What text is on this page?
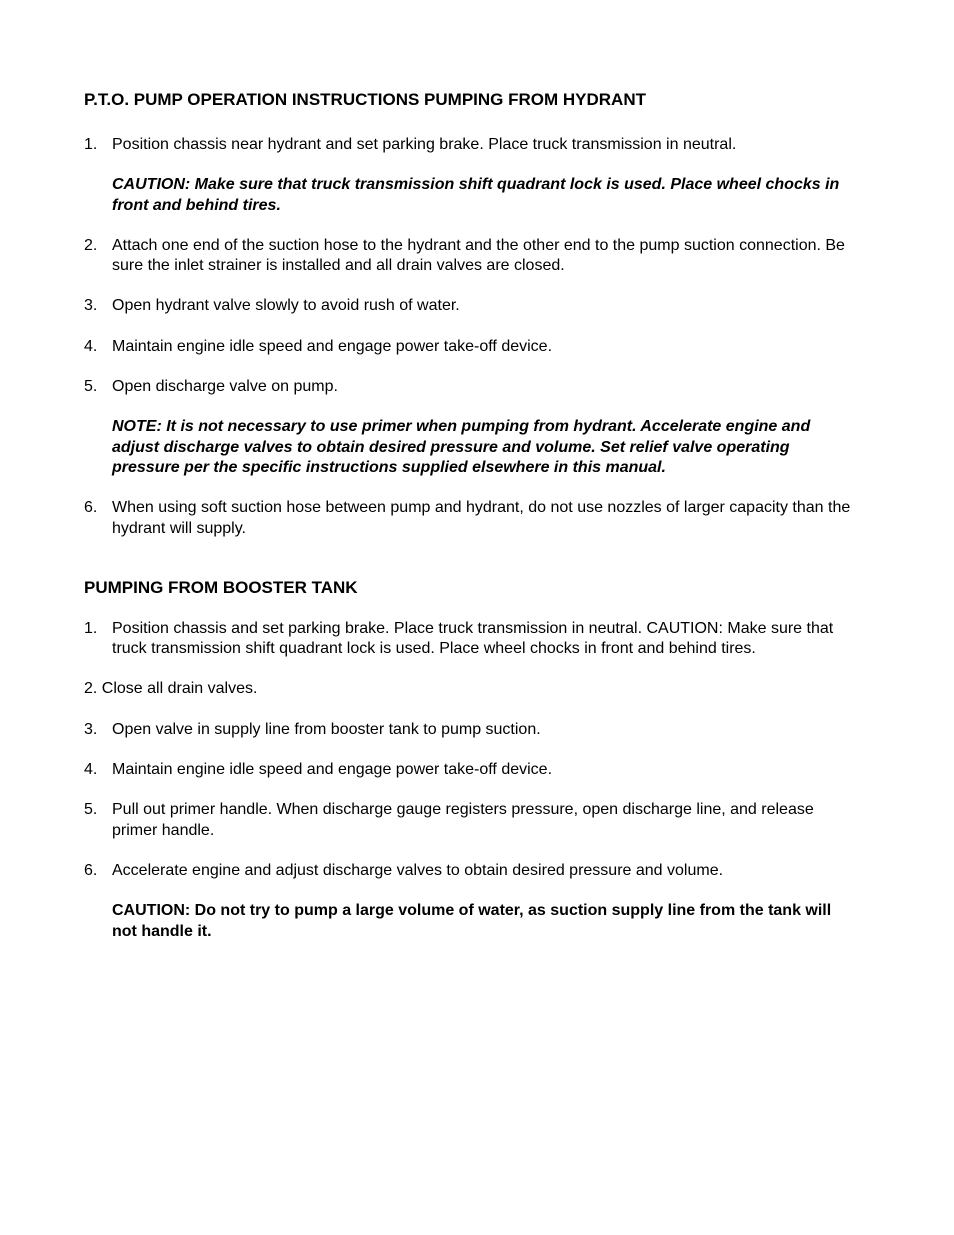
P.T.O. PUMP OPERATION INSTRUCTIONS PUMPING FROM HYDRANT
1. Position chassis near hydrant and set parking brake. Place truck transmission in neutral.
CAUTION: Make sure that truck transmission shift quadrant lock is used. Place wheel chocks in front and behind tires.
2. Attach one end of the suction hose to the hydrant and the other end to the pump suction connection. Be sure the inlet strainer is installed and all drain valves are closed.
3. Open hydrant valve slowly to avoid rush of water.
4. Maintain engine idle speed and engage power take-off device.
5. Open discharge valve on pump.
NOTE: It is not necessary to use primer when pumping from hydrant. Accelerate engine and adjust discharge valves to obtain desired pressure and volume. Set relief valve operating pressure per the specific instructions supplied elsewhere in this manual.
6. When using soft suction hose between pump and hydrant, do not use nozzles of larger capacity than the hydrant will supply.
PUMPING FROM BOOSTER TANK
1. Position chassis and set parking brake. Place truck transmission in neutral. CAUTION: Make sure that truck transmission shift quadrant lock is used. Place wheel chocks in front and behind tires.
2. Close all drain valves.
3. Open valve in supply line from booster tank to pump suction.
4. Maintain engine idle speed and engage power take-off device.
5. Pull out primer handle. When discharge gauge registers pressure, open discharge line, and release primer handle.
6. Accelerate engine and adjust discharge valves to obtain desired pressure and volume.
CAUTION: Do not try to pump a large volume of water, as suction supply line from the tank will not handle it.
